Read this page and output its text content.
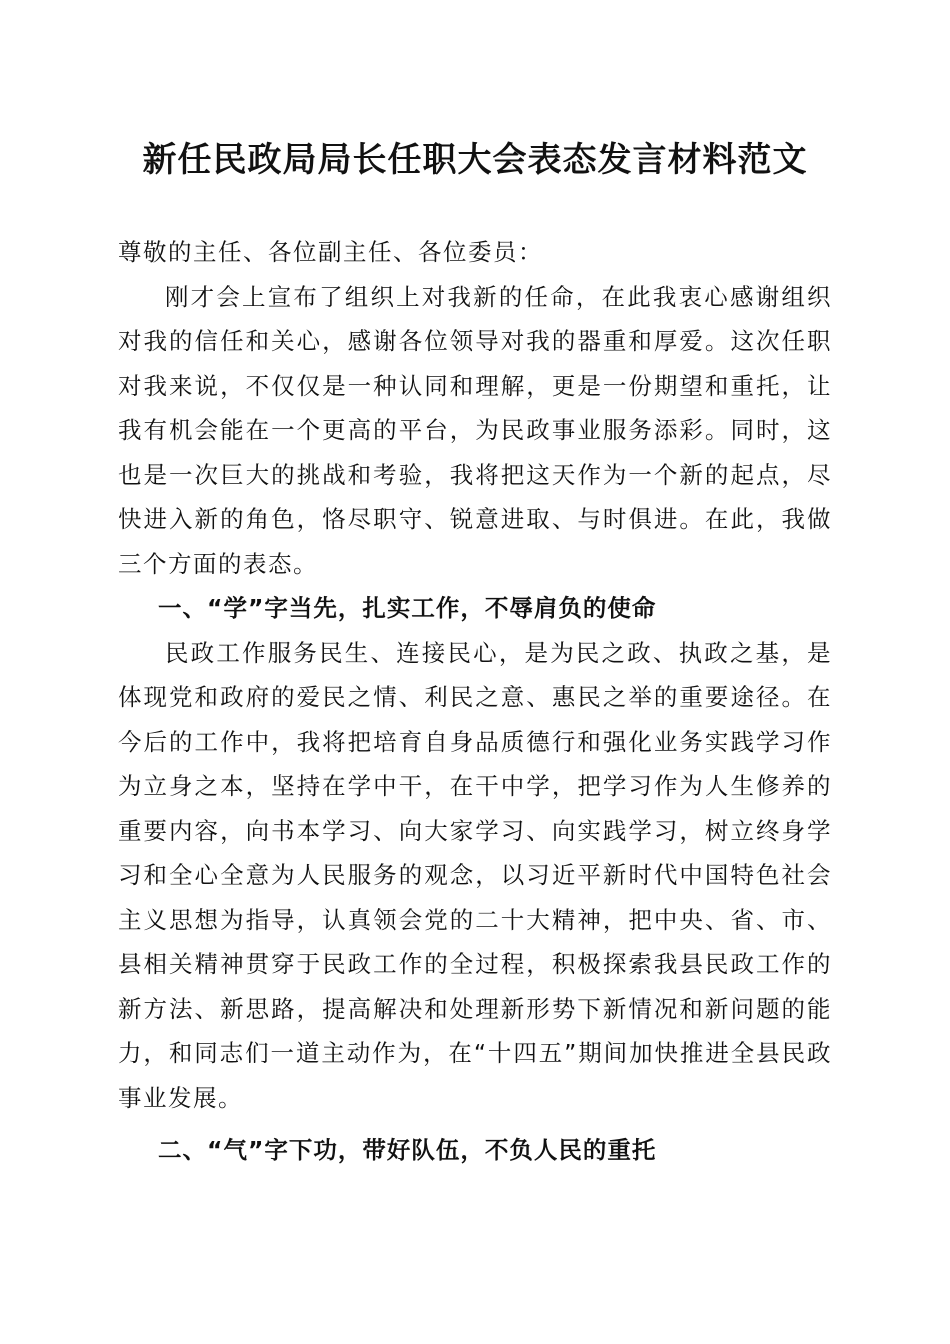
新任民政局局长任职大会表态发言材料范文

尊敬的主任、各位副主任、各位委员：

刚才会上宣布了组织上对我新的任命，在此我衷心感谢组织对我的信任和关心，感谢各位领导对我的器重和厚爱。这次任职对我来说，不仅仅是一种认同和理解，更是一份期望和重托，让我有机会能在一个更高的平台，为民政事业服务添彩。同时，这也是一次巨大的挑战和考验，我将把这天作为一个新的起点，尽快进入新的角色，恪尽职守、锐意进取、与时俱进。在此，我做三个方面的表态。

一、“学”字当先，扎实工作，不辱肩负的使命

民政工作服务民生、连接民心，是为民之政、执政之基，是体现党和政府的爱民之情、利民之意、惠民之举的重要途径。在今后的工作中，我将把培育自身品质德行和强化业务实践学习作为立身之本，坚持在学中干，在干中学，把学习作为人生修养的重要内容，向书本学习、向大家学习、向实践学习，树立终身学习和全心全意为人民服务的观念，以习近平新时代中国特色社会主义思想为指导，认真领会党的二十大精神，把中央、省、市、县相关精神贯穿于民政工作的全过程，积极探索我县民政工作的新方法、新思路，提高解决和处理新形势下新情况和新问题的能力，和同志们一道主动作为，在“十四五”期间加快推进全县民政事业发展。

二、“气”字下功，带好队伍，不负人民的重托
